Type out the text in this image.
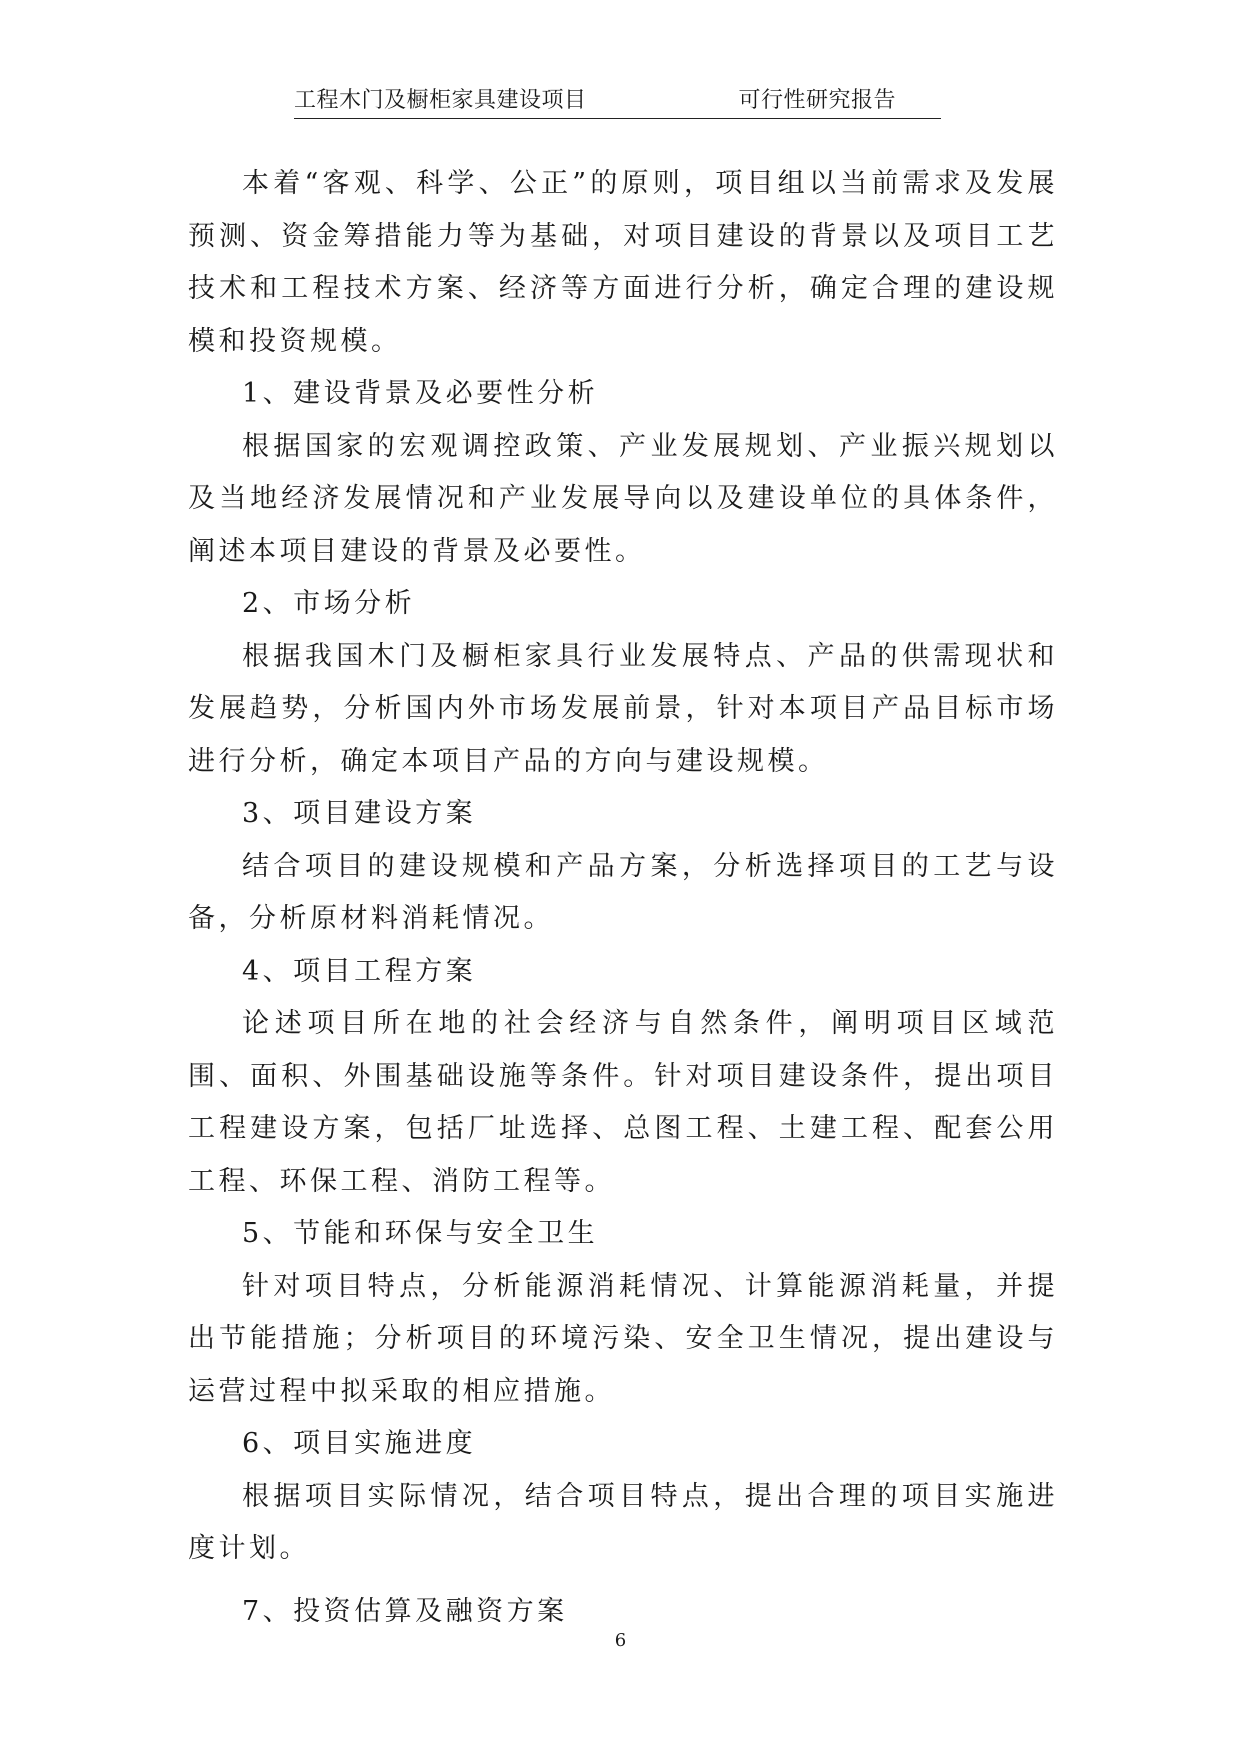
工程木门及橱柜家具建设项目	可行性研究报告

本着“客观、科学、公正”的原则，项目组以当前需求及发展预测、资金筹措能力等为基础，对项目建设的背景以及项目工艺技术和工程技术方案、经济等方面进行分析，确定合理的建设规模和投资规模。

1、建设背景及必要性分析

根据国家的宏观调控政策、产业发展规划、产业振兴规划以及当地经济发展情况和产业发展导向以及建设单位的具体条件，阐述本项目建设的背景及必要性。

2、市场分析

根据我国木门及橱柜家具行业发展特点、产品的供需现状和发展趋势，分析国内外市场发展前景，针对本项目产品目标市场进行分析，确定本项目产品的方向与建设规模。

3、项目建设方案

结合项目的建设规模和产品方案，分析选择项目的工艺与设备，分析原材料消耗情况。

4、项目工程方案

论述项目所在地的社会经济与自然条件，阐明项目区域范围、面积、外围基础设施等条件。针对项目建设条件，提出项目工程建设方案，包括厂址选择、总图工程、土建工程、配套公用工程、环保工程、消防工程等。

5、节能和环保与安全卫生

针对项目特点，分析能源消耗情况、计算能源消耗量，并提出节能措施；分析项目的环境污染、安全卫生情况，提出建设与运营过程中拟采取的相应措施。

6、项目实施进度

根据项目实际情况，结合项目特点，提出合理的项目实施进度计划。

7、投资估算及融资方案

6
